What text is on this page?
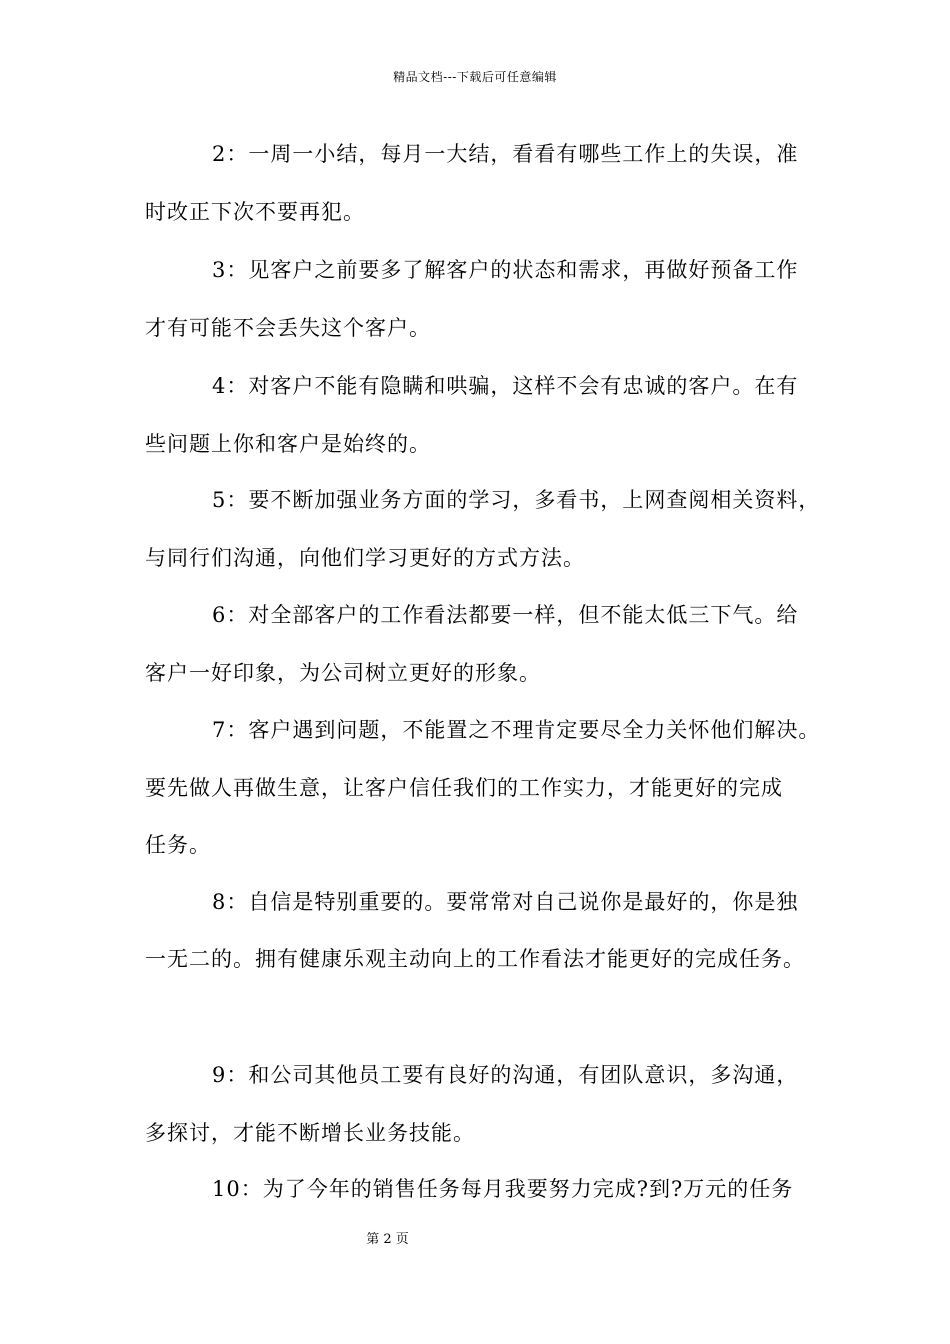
精品文档---下载后可任意编辑
2：一周一小结，每月一大结，看看有哪些工作上的失误，准
时改正下次不要再犯。
3：见客户之前要多了解客户的状态和需求，再做好预备工作
才有可能不会丢失这个客户。
4：对客户不能有隐瞒和哄骗，这样不会有忠诚的客户。在有
些问题上你和客户是始终的。
5：要不断加强业务方面的学习，多看书，上网查阅相关资料，
与同行们沟通，向他们学习更好的方式方法。
6：对全部客户的工作看法都要一样，但不能太低三下气。给
客户一好印象，为公司树立更好的形象。
7：客户遇到问题，不能置之不理肯定要尽全力关怀他们解决。
要先做人再做生意，让客户信任我们的工作实力，才能更好的完成
任务。
8：自信是特别重要的。要常常对自己说你是最好的，你是独
一无二的。拥有健康乐观主动向上的工作看法才能更好的完成任务。
9：和公司其他员工要有良好的沟通，有团队意识，多沟通，
多探讨，才能不断增长业务技能。
10：为了今年的销售任务每月我要努力完成?到?万元的任务
第 2 页
